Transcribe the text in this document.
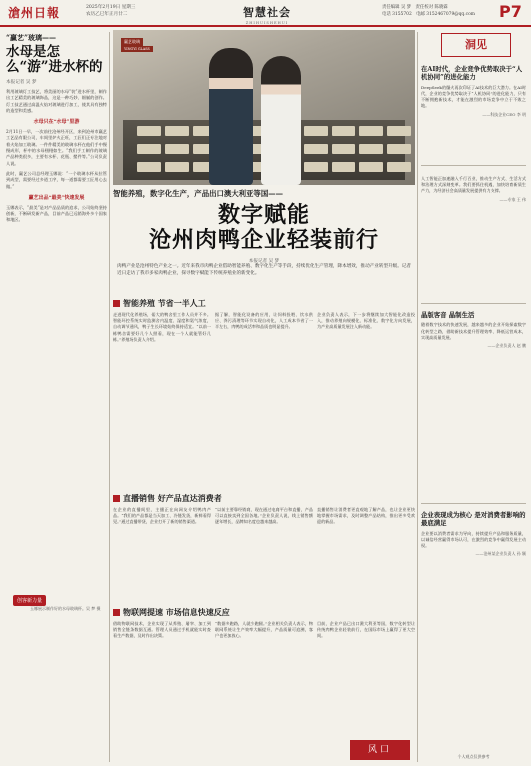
滄州日報	2025年2月19日 星期三
农历乙巳年正月廿二	智慧社会
ZHIHUISHEHUI
责任编辑 吴 梦　责任校对 陈晓霖
电话 3155702　电邮 3152467079@qq.com	P7
“赢艺”玻璃——
水母是怎么“游”进水杯的
本报记者 吴 梦
利用玻璃灯工技艺，将美丽的水母“装”进水杯里，制作出工艺精美的玻璃饰品，这是一种巧妙、细腻的创作。灯工技艺通过高温火焰对玻璃进行加工，使其具有独特的造型和美感。
水母只在“水母”里游
2月11日一早，一次前往沧州经开区，来到沧州市赢艺工艺品有限公司，车间里炉火正旺，工匠们正专注地对着火焰加工玻璃。一件件精美的玻璃水杯在他们手中慢慢成形，杯中的水母栩栩如生。“我们手工制作的玻璃产品种类很多，主要有水杯、花瓶、摆件等。”公司负责人说。
此时，赢艺公司总经理玉娜说：“一个玻璃水杯从拉管到成型，需要经过多道工序，每一道都需要工匠用心去做。”
赢艺出品“最美”快速发展
玉娜表示，“最美”是对产品品质的追求，公司始终坚持创新，不断研发新产品，目前产品已远销海外多个国家和地区。
创客新力量
玉娜展示制作好的水母玻璃杯。吴 梦 摄
赢艺玻璃
YINGYI GLASS
智能养殖，数字化生产，产品出口澳大利亚等国——
数字赋能
沧州肉鸭企业轻装前行
本报记者 吴 梦
肉鸭产业是沧州特色产业之一。近年来我市肉鸭企业借助智能养殖、数字化生产等手段，持续优化生产管理，降本增效，推动产业转型升级。记者近日走访了我市多家肉鸭企业，探寻数字赋能下传统养殖业的新变化。
智能养殖 节省一半人工
走进现代化养殖场，偌大的鸭舍里工作人员并不多。智能环控系统实时监测舍内温度、湿度和氨气浓度，自动调节通风，鸭子生长环境始终保持适宜。“以前一栋鸭舍需要好几个人照看，现在一个人就能管好几栋。”养殖场负责人介绍。
据了解，智能化设备的应用，让饲料投喂、饮水供应、粪污清理等环节实现自动化，人工成本节省了一半左右，肉鸭的成活率和品质也明显提升。
企业负责人表示，下一步将继续加大智能化改造投入，推动养殖向规模化、标准化、数字化方向发展，为产业高质量发展注入新动能。
直播销售 好产品直达消费者
在企业的直播间里，主播正在向网友介绍鸭肉产品。“我们的产品都是当天加工、冷链发货，新鲜看得见。”通过直播带货，企业打开了新的销售渠道。
“以前主要靠经销商，现在通过电商平台和直播，产品可以直接卖到全国各地。”企业负责人说，线上销售额逐年增长，品牌知名度也越来越高。
直播销售让消费者更直观地了解产品，也让企业更快地掌握市场需求，及时调整产品结构，推出更多受欢迎的新品。
物联网提速 市场信息快速反应
借助物联网技术，企业实现了从养殖、屠宰、加工到销售全链条数据互通。管理人员通过手机就能实时查看生产数据，及时作出决策。
“数据多跑路，人就少跑腿。”企业相关负责人表示，物联网系统让生产效率大幅提升，产品质量可追溯，客户也更加放心。
目前，企业产品已出口澳大利亚等国，数字化转型让传统肉鸭企业轻装前行，在国际市场上赢得了更大空间。
风口
洞见
在AI时代，企业竞争优势取决于“人机协同”的进化能力
DeepSeek的爆火再次印证了AI技术的巨大潜力。在AI时代，企业的竞争优势取决于“人机协同”的进化能力，只有不断拥抱新技术，才能在激烈的市场竞争中立于不败之地。
——科技企业CEO 李 明
人工智能正加速融入千行百业，推动生产方式、生活方式和治理方式深刻变革。我们要抓住机遇，加快培育新质生产力，为经济社会高质量发展提供有力支撑。
——专家 王 伟
晶版客音 晶制生活
随着数字技术的快速发展，越来越多的企业开始探索数字化转型之路，借助新技术提升管理效率、降低运营成本，实现高质量发展。
——企业负责人 赵 鹏
企业表现成为核心 是对消费者影响的最底满足
企业要以消费者需求为导向，持续提升产品和服务质量，以诚信经营赢得市场认可，在激烈的竞争中赢得发展主动权。
——沧州某企业负责人 孙 颖
个人观点仅供参考
